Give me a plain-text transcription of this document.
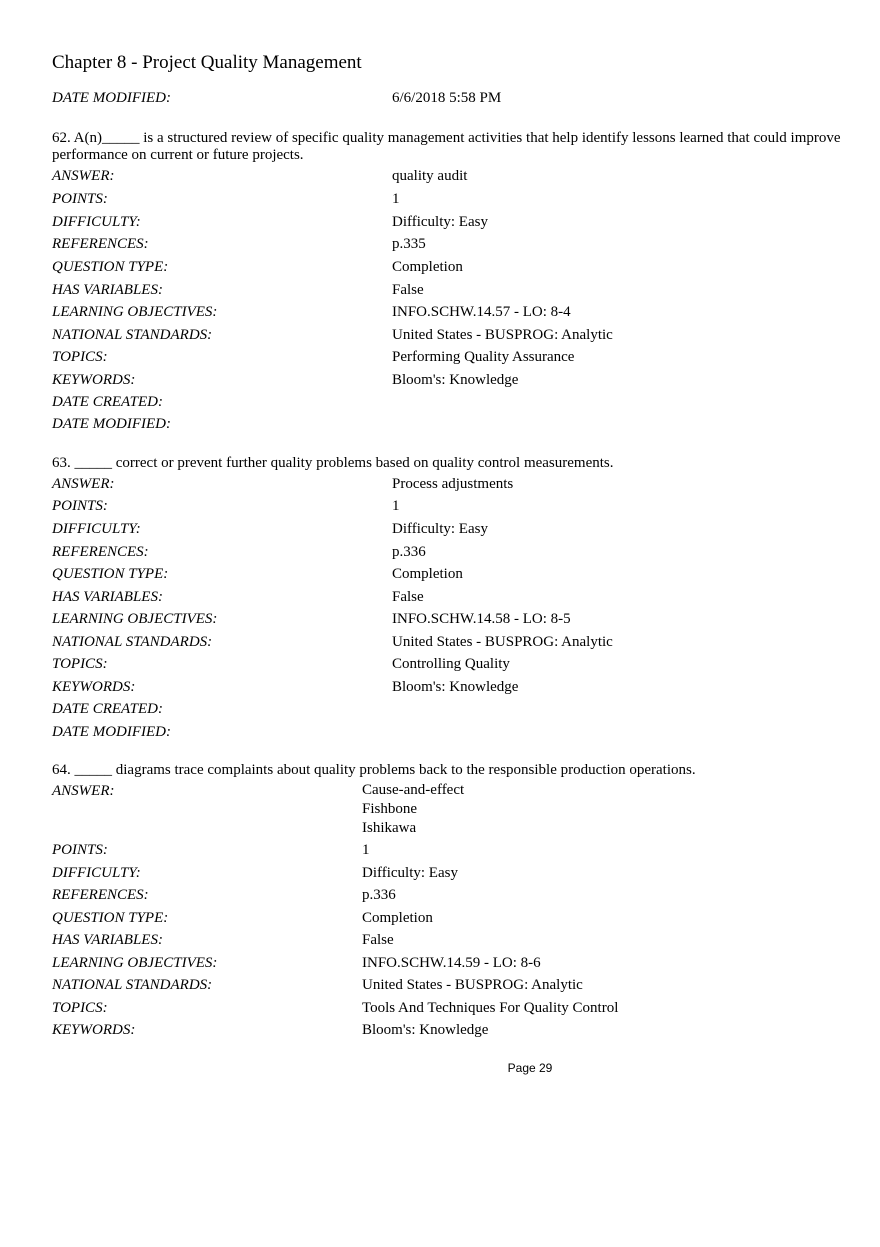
Chapter 8 - Project Quality Management
DATE MODIFIED:	6/6/2018 5:58 PM
62. A(n)_____ is a structured review of specific quality management activities that help identify lessons learned that could improve performance on current or future projects.
ANSWER:	quality audit
POINTS:	1
DIFFICULTY:	Difficulty: Easy
REFERENCES:	p.335
QUESTION TYPE:	Completion
HAS VARIABLES:	False
LEARNING OBJECTIVES:	INFO.SCHW.14.57 - LO: 8-4
NATIONAL STANDARDS:	United States - BUSPROG: Analytic
TOPICS:	Performing Quality Assurance
KEYWORDS:	Bloom's: Knowledge
DATE CREATED:
DATE MODIFIED:
63. _____ correct or prevent further quality problems based on quality control measurements.
ANSWER:	Process adjustments
POINTS:	1
DIFFICULTY:	Difficulty: Easy
REFERENCES:	p.336
QUESTION TYPE:	Completion
HAS VARIABLES:	False
LEARNING OBJECTIVES:	INFO.SCHW.14.58 - LO: 8-5
NATIONAL STANDARDS:	United States - BUSPROG: Analytic
TOPICS:	Controlling Quality
KEYWORDS:	Bloom's: Knowledge
DATE CREATED:
DATE MODIFIED:
64. _____ diagrams trace complaints about quality problems back to the responsible production operations.
ANSWER:	Cause-and-effect
Fishbone
Ishikawa
POINTS:	1
DIFFICULTY:	Difficulty: Easy
REFERENCES:	p.336
QUESTION TYPE:	Completion
HAS VARIABLES:	False
LEARNING OBJECTIVES:	INFO.SCHW.14.59 - LO: 8-6
NATIONAL STANDARDS:	United States - BUSPROG: Analytic
TOPICS:	Tools And Techniques For Quality Control
KEYWORDS:	Bloom's: Knowledge
Page 29
